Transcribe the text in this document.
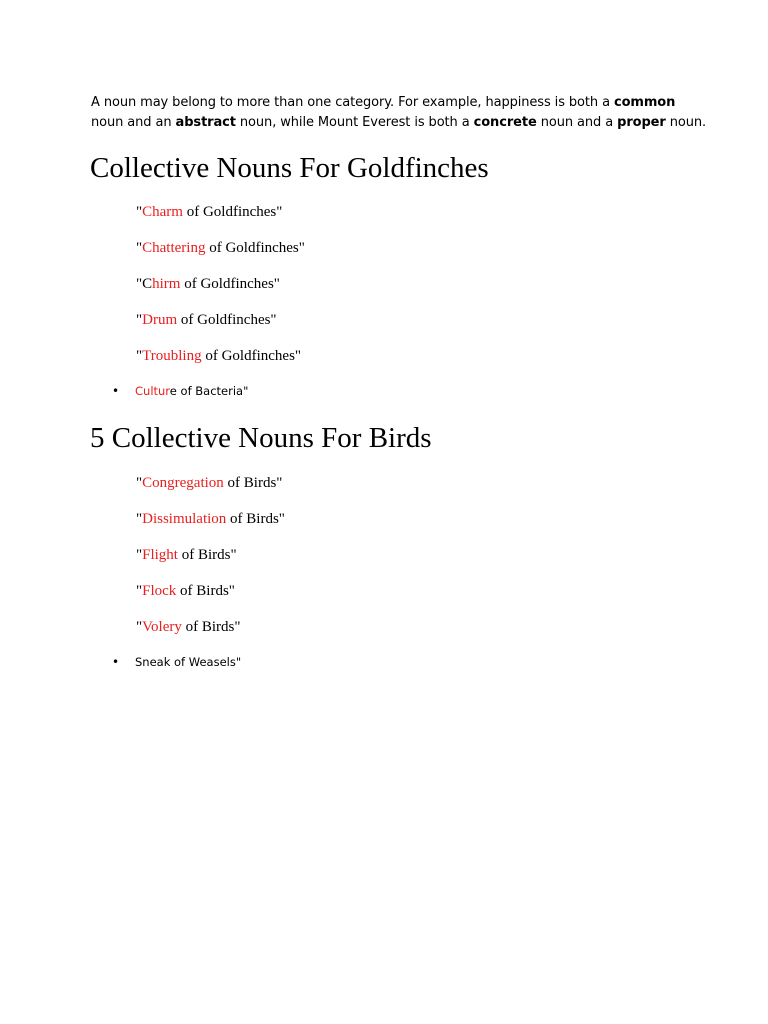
A noun may belong to more than one category. For example, happiness is both a common noun and an abstract noun, while Mount Everest is both a concrete noun and a proper noun.

Collective Nouns For Goldfinches
"Charm of Goldfinches"
"Chattering of Goldfinches"
"Chirm of Goldfinches"
"Drum of Goldfinches"
"Troubling of Goldfinches"
• Culture of Bacteria"
5 Collective Nouns For Birds
"Congregation of Birds"
"Dissimulation of Birds"
"Flight of Birds"
"Flock of Birds"
"Volery of Birds"
• Sneak of Weasels"
